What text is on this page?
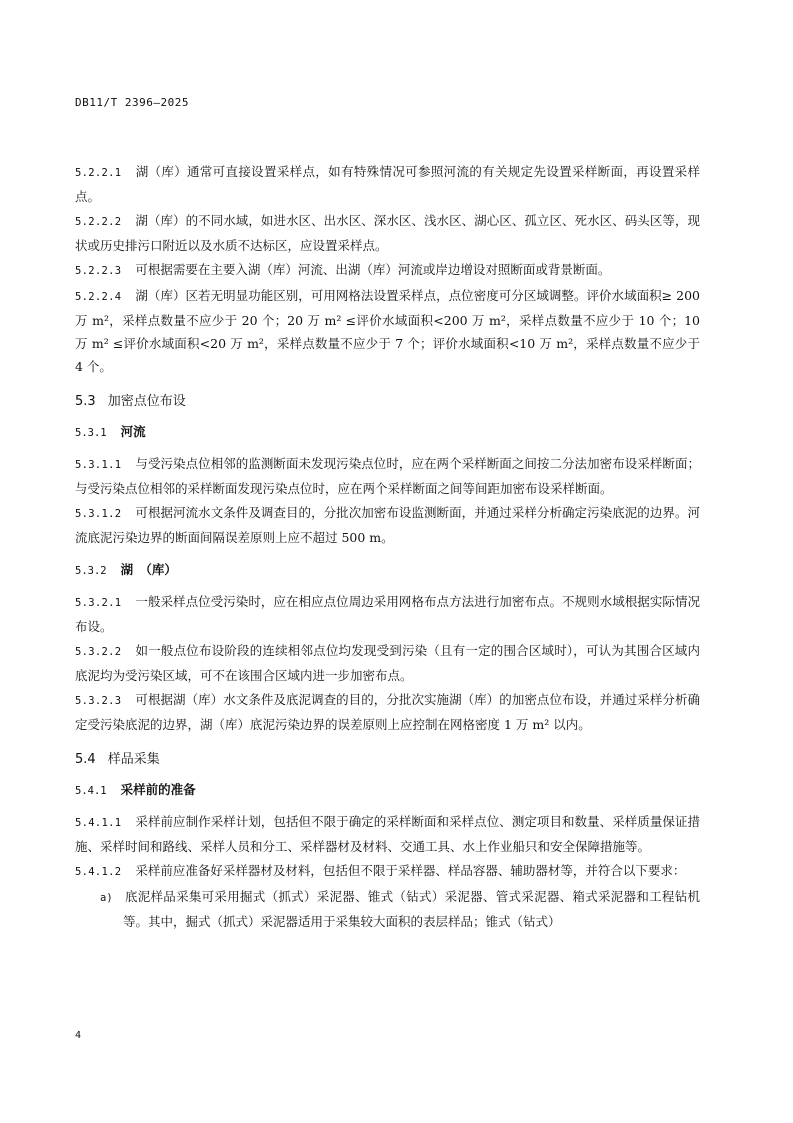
DB11/T 2396—2025

5.2.2.1 湖（库）通常可直接设置采样点，如有特殊情况可参照河流的有关规定先设置采样断面，再设置采样点。

5.2.2.2 湖（库）的不同水域，如进水区、出水区、深水区、浅水区、湖心区、孤立区、死水区、码头区等，现状或历史排污口附近以及水质不达标区，应设置采样点。

5.2.2.3 可根据需要在主要入湖（库）河流、出湖（库）河流或岸边增设对照断面或背景断面。

5.2.2.4 湖（库）区若无明显功能区别，可用网格法设置采样点，点位密度可分区域调整。评价水域面积≥ 200 万 m²，采样点数量不应少于 20 个；20 万 m² ≤评价水域面积<200 万 m²，采样点数量不应少于 10 个；10 万 m² ≤评价水域面积<20 万 m²，采样点数量不应少于 7 个；评价水域面积<10 万 m²，采样点数量不应少于 4 个。

5.3 加密点位布设
5.3.1 河流

5.3.1.1 与受污染点位相邻的监测断面未发现污染点位时，应在两个采样断面之间按二分法加密布设采样断面；与受污染点位相邻的采样断面发现污染点位时，应在两个采样断面之间等间距加密布设采样断面。

5.3.1.2 可根据河流水文条件及调查目的，分批次加密布设监测断面，并通过采样分析确定污染底泥的边界。河流底泥污染边界的断面间隔误差原则上应不超过 500 m。

5.3.2 湖　（库）

5.3.2.1 一般采样点位受污染时，应在相应点位周边采用网格布点方法进行加密布点。不规则水域根据实际情况布设。

5.3.2.2 如一般点位布设阶段的连续相邻点位均发现受到污染（且有一定的围合区域时），可认为其围合区域内底泥均为受污染区域，可不在该围合区域内进一步加密布点。

5.3.2.3 可根据湖（库）水文条件及底泥调查的目的，分批次实施湖（库）的加密点位布设，并通过采样分析确定受污染底泥的边界，湖（库）底泥污染边界的误差原则上应控制在网格密度 1 万 m² 以内。

5.4 样品采集
5.4.1 采样前的准备

5.4.1.1 采样前应制作采样计划，包括但不限于确定的采样断面和采样点位、测定项目和数量、采样质量保证措施、采样时间和路线、采样人员和分工、采样器材及材料、交通工具、水上作业船只和安全保障措施等。

5.4.1.2 采样前应准备好采样器材及材料，包括但不限于采样器、样品容器、辅助器材等，并符合以下要求：

a) 底泥样品采集可采用掘式（抓式）采泥器、锥式（钻式）采泥器、管式采泥器、箱式采泥器和工程钻机等。其中，掘式（抓式）采泥器适用于采集较大面积的表层样品；锥式（钻式）

4
